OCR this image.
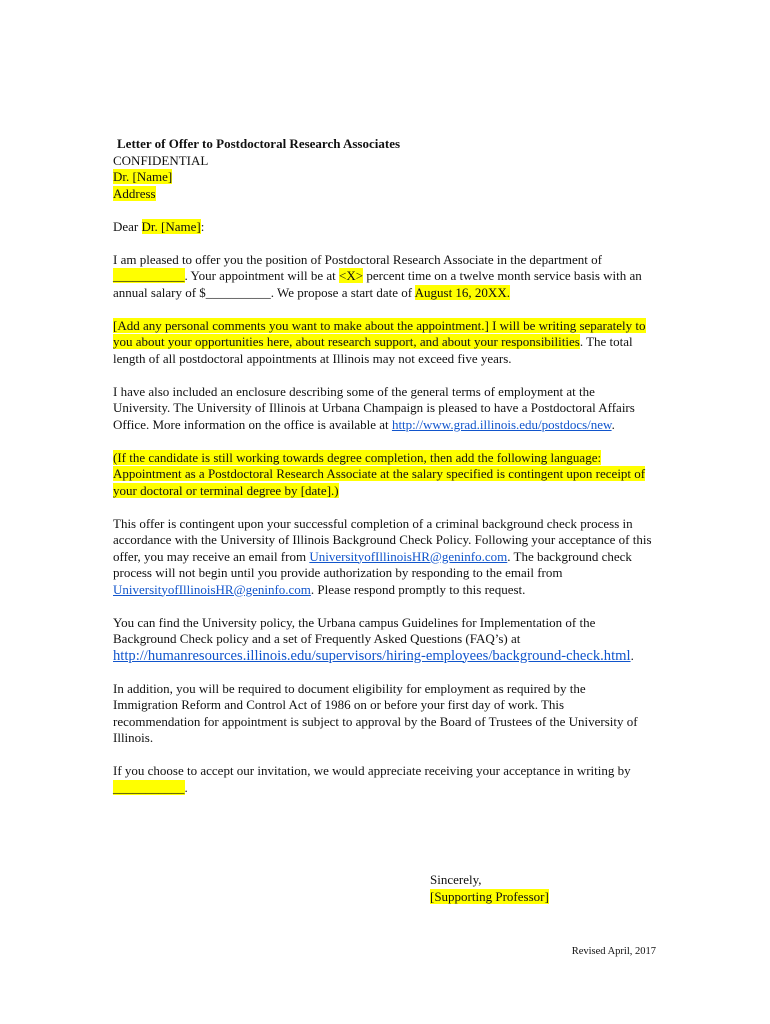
Letter of Offer to Postdoctoral Research Associates
CONFIDENTIAL
Dr. [Name]
Address

Dear Dr. [Name]:

I am pleased to offer you the position of Postdoctoral Research Associate in the department of ___________. Your appointment will be at <X> percent time on a twelve month service basis with an annual salary of $__________. We propose a start date of August 16, 20XX.

[Add any personal comments you want to make about the appointment.] I will be writing separately to you about your opportunities here, about research support, and about your responsibilities. The total length of all postdoctoral appointments at Illinois may not exceed five years.

I have also included an enclosure describing some of the general terms of employment at the University. The University of Illinois at Urbana Champaign is pleased to have a Postdoctoral Affairs Office. More information on the office is available at http://www.grad.illinois.edu/postdocs/new.

(If the candidate is still working towards degree completion, then add the following language: Appointment as a Postdoctoral Research Associate at the salary specified is contingent upon receipt of your doctoral or terminal degree by [date].)

This offer is contingent upon your successful completion of a criminal background check process in accordance with the University of Illinois Background Check Policy. Following your acceptance of this offer, you may receive an email from UniversityofIllinoisHR@geninfo.com. The background check process will not begin until you provide authorization by responding to the email from UniversityofIllinoisHR@geninfo.com. Please respond promptly to this request.

You can find the University policy, the Urbana campus Guidelines for Implementation of the Background Check policy and a set of Frequently Asked Questions (FAQ’s) at http://humanresources.illinois.edu/supervisors/hiring-employees/background-check.html.

In addition, you will be required to document eligibility for employment as required by the Immigration Reform and Control Act of 1986 on or before your first day of work. This recommendation for appointment is subject to approval by the Board of Trustees of the University of Illinois.

If you choose to accept our invitation, we would appreciate receiving your acceptance in writing by ___________.

Sincerely,
[Supporting Professor]
Revised April, 2017
